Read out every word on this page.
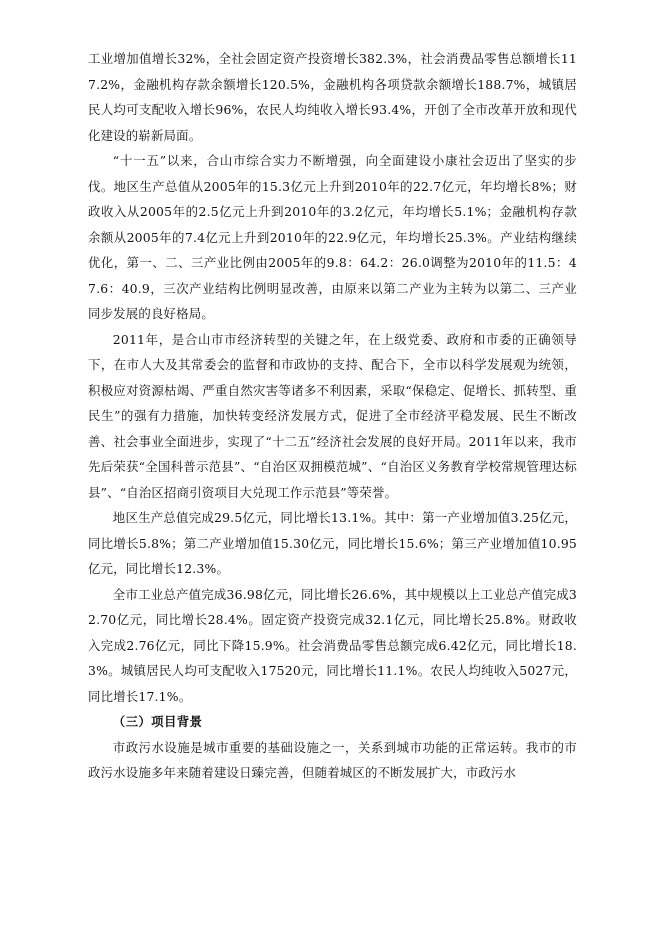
工业增加值增长32%，全社会固定资产投资增长382.3%，社会消费品零售总额增长117.2%，金融机构存款余额增长120.5%，金融机构各项贷款余额增长188.7%，城镇居民人均可支配收入增长96%，农民人均纯收入增长93.4%，开创了全市改革开放和现代化建设的崭新局面。

“十一五”以来，合山市综合实力不断增强，向全面建设小康社会迈出了坚实的步伐。地区生产总值从2005年的15.3亿元上升到2010年的22.7亿元，年均增长8%；财政收入从2005年的2.5亿元上升到2010年的3.2亿元，年均增长5.1%；金融机构存款余额从2005年的7.4亿元上升到2010年的22.9亿元，年均增长25.3%。产业结构继续优化，第一、二、三产业比例由2005年的9.8：64.2：26.0调整为2010年的11.5：47.6：40.9，三次产业结构比例明显改善，由原来以第二产业为主转为以第二、三产业同步发展的良好格局。

2011年，是合山市市经济转型的关键之年，在上级党委、政府和市委的正确领导下，在市人大及其常委会的监督和市政协的支持、配合下，全市以科学发展观为统领，积极应对资源枯竭、严重自然灾害等诸多不利因素，采取“保稳定、促增长、抓转型、重民生”的强有力措施，加快转变经济发展方式，促进了全市经济平稳发展、民生不断改善、社会事业全面进步，实现了“十二五”经济社会发展的良好开局。2011年以来，我市先后荣获“全国科普示范县”、“自治区双拥模范城”、“自治区义务教育学校常规管理达标县”、“自治区招商引资项目大兑现工作示范县”等荣誉。

地区生产总值完成29.5亿元，同比增长13.1%。其中：第一产业增加值3.25亿元，同比增长5.8%；第二产业增加值15.30亿元，同比增长15.6%；第三产业增加值10.95亿元，同比增长12.3%。

全市工业总产值完成36.98亿元，同比增长26.6%，其中规模以上工业总产值完成32.70亿元，同比增长28.4%。固定资产投资完成32.1亿元，同比增长25.8%。财政收入完成2.76亿元，同比下降15.9%。社会消费品零售总额完成6.42亿元，同比增长18.3%。城镇居民人均可支配收入17520元，同比增长11.1%。农民人均纯收入5027元，同比增长17.1%。

（三）项目背景

市政污水设施是城市重要的基础设施之一，关系到城市功能的正常运转。我市的市政污水设施多年来随着建设日臻完善，但随着城区的不断发展扩大，市政污水
